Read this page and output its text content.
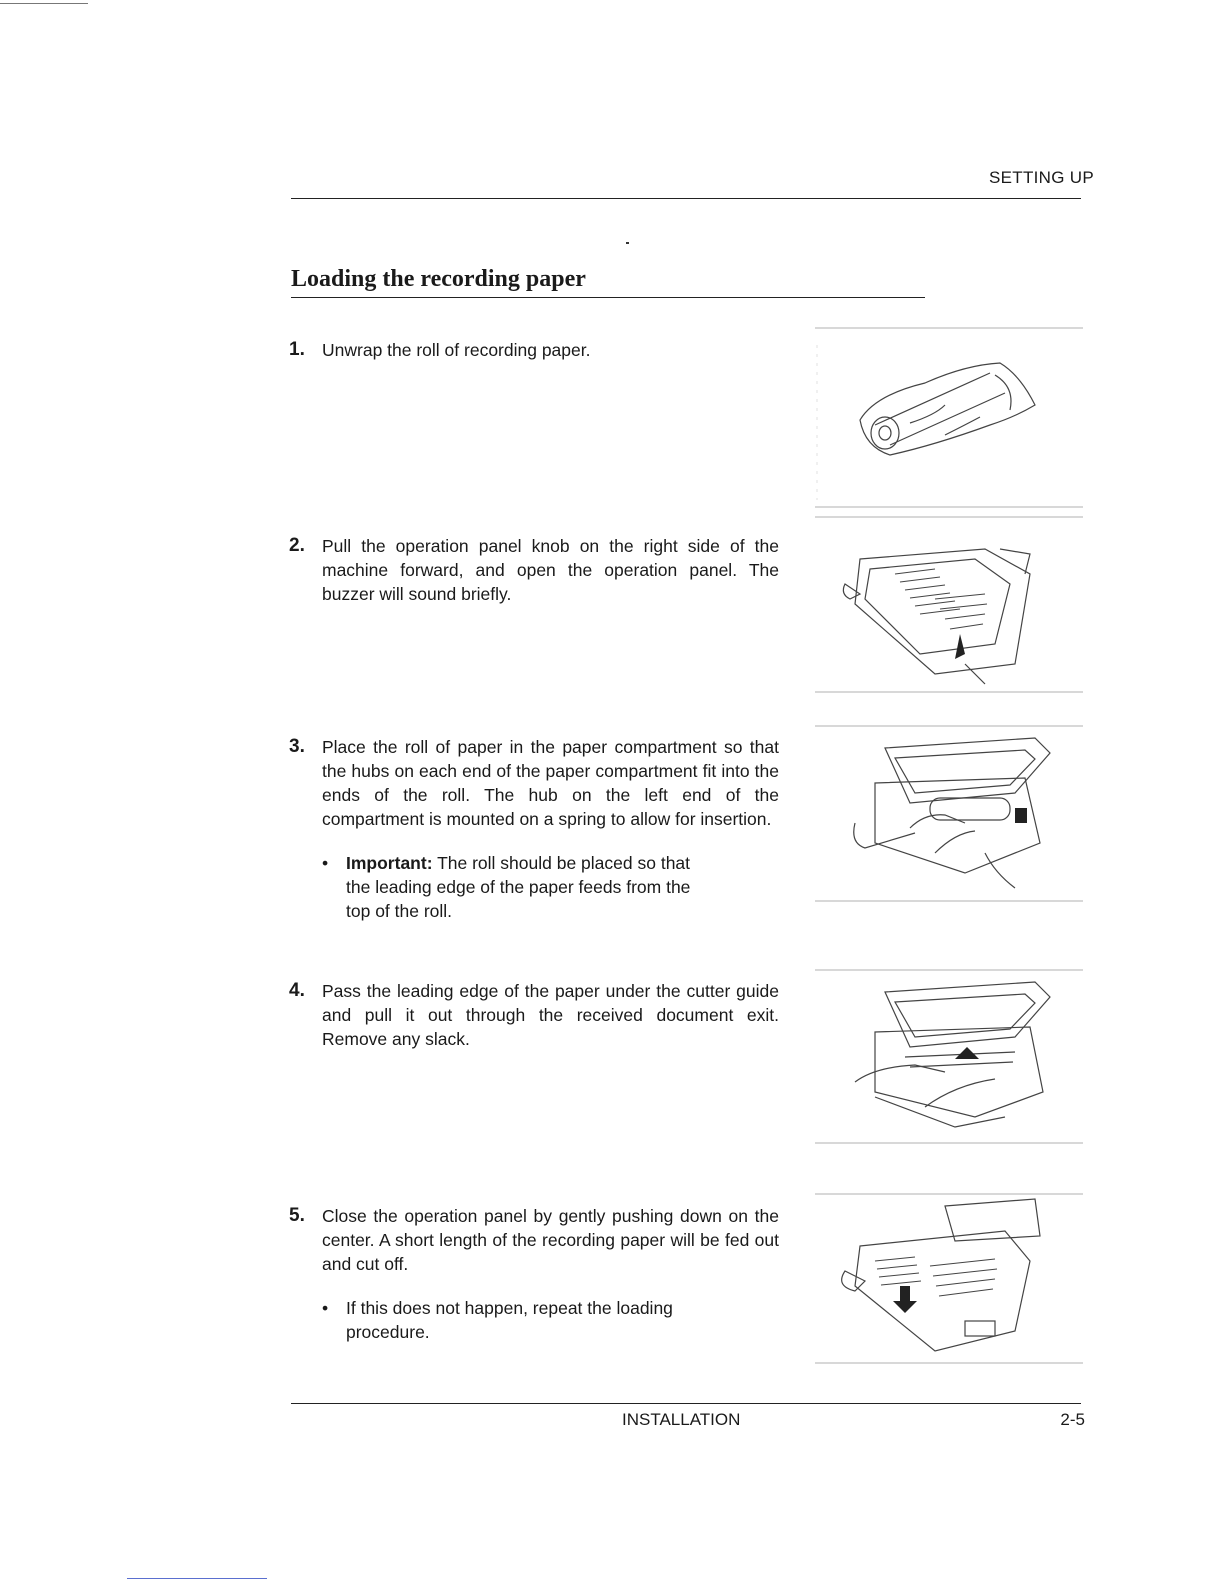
SETTING UP
Loading the recording paper
1. Unwrap the roll of recording paper.
2. Pull the operation panel knob on the right side of the machine forward, and open the operation panel. The buzzer will sound briefly.
3. Place the roll of paper in the paper compartment so that the hubs on each end of the paper compartment fit into the ends of the roll. The hub on the left end of the compartment is mounted on a spring to allow for insertion.
• Important: The roll should be placed so that the leading edge of the paper feeds from the top of the roll.
4. Pass the leading edge of the paper under the cutter guide and pull it out through the received document exit. Remove any slack.
5. Close the operation panel by gently pushing down on the center. A short length of the recording paper will be fed out and cut off.
• If this does not happen, repeat the loading procedure.
INSTALLATION	2-5
